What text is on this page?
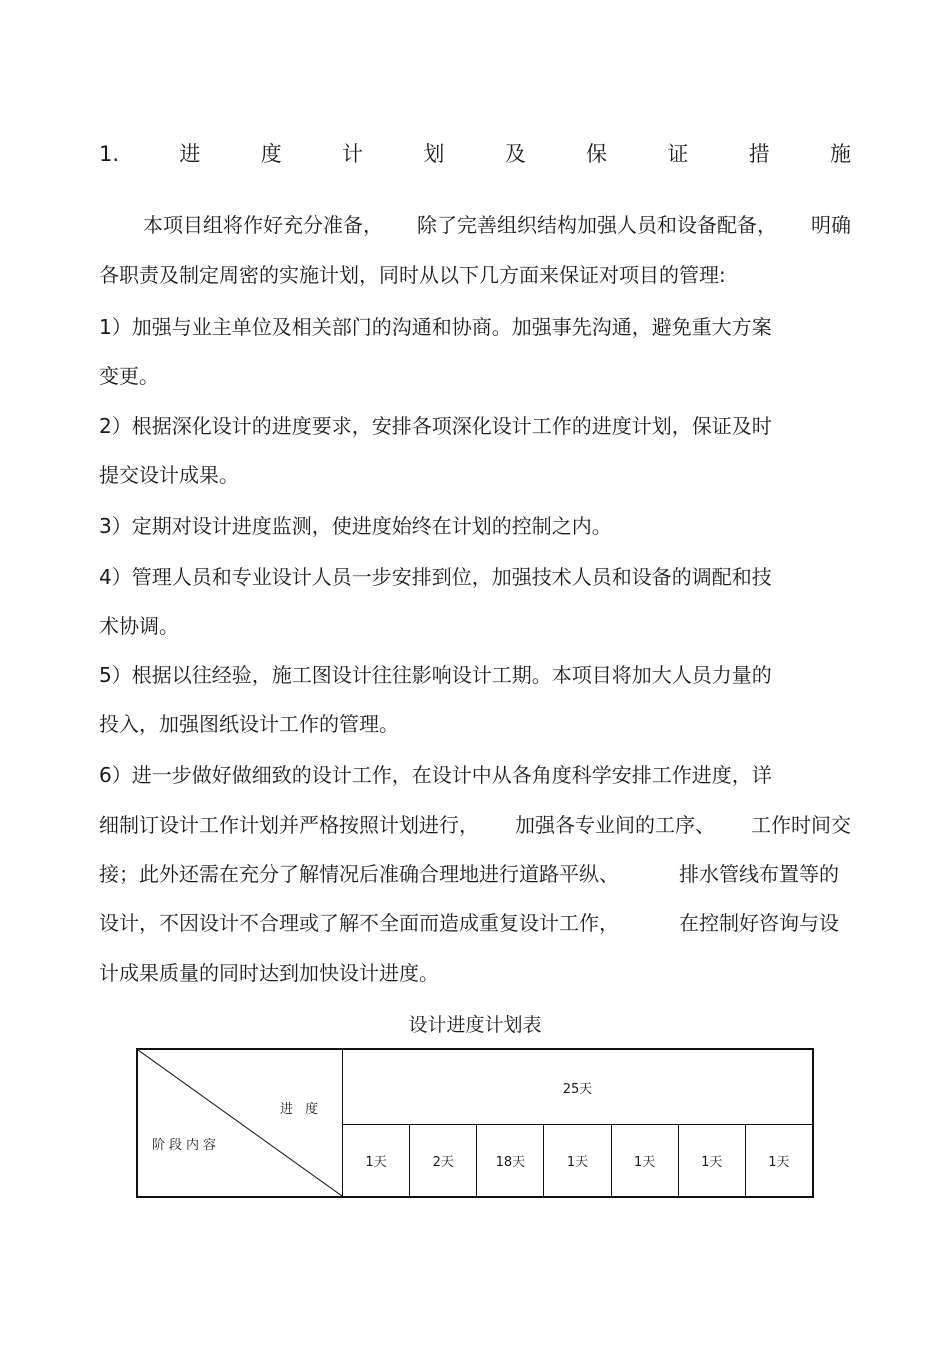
1.	进	度	计	划	及	保	证	措	施
本项目组将作好充分准备， 除了完善组织结构加强人员和设备配备， 明确
各职责及制定周密的实施计划，同时从以下几方面来保证对项目的管理:
1）加强与业主单位及相关部门的沟通和协商。加强事先沟通，避免重大方案
变更。
2）根据深化设计的进度要求，安排各项深化设计工作的进度计划，保证及时
提交设计成果。
3）定期对设计进度监测，使进度始终在计划的控制之内。
4）管理人员和专业设计人员一步安排到位，加强技术人员和设备的调配和技
术协调。
5）根据以往经验，施工图设计往往影响设计工期。本项目将加大人员力量的
投入，加强图纸设计工作的管理。
6）进一步做好做细致的设计工作，在设计中从各角度科学安排工作进度，详
细制订设计工作计划并严格按照计划进行， 加强各专业间的工序、 工作时间交
接；此外还需在充分了解情况后准确合理地进行道路平纵、	排水管线布置等的
设计，不因设计不合理或了解不全面而造成重复设计工作，	在控制好咨询与设
计成果质量的同时达到加快设计进度。
设计进度计划表
进度
阶段内容
25天
1天	2天	18天	1天	1天	1天	1天
